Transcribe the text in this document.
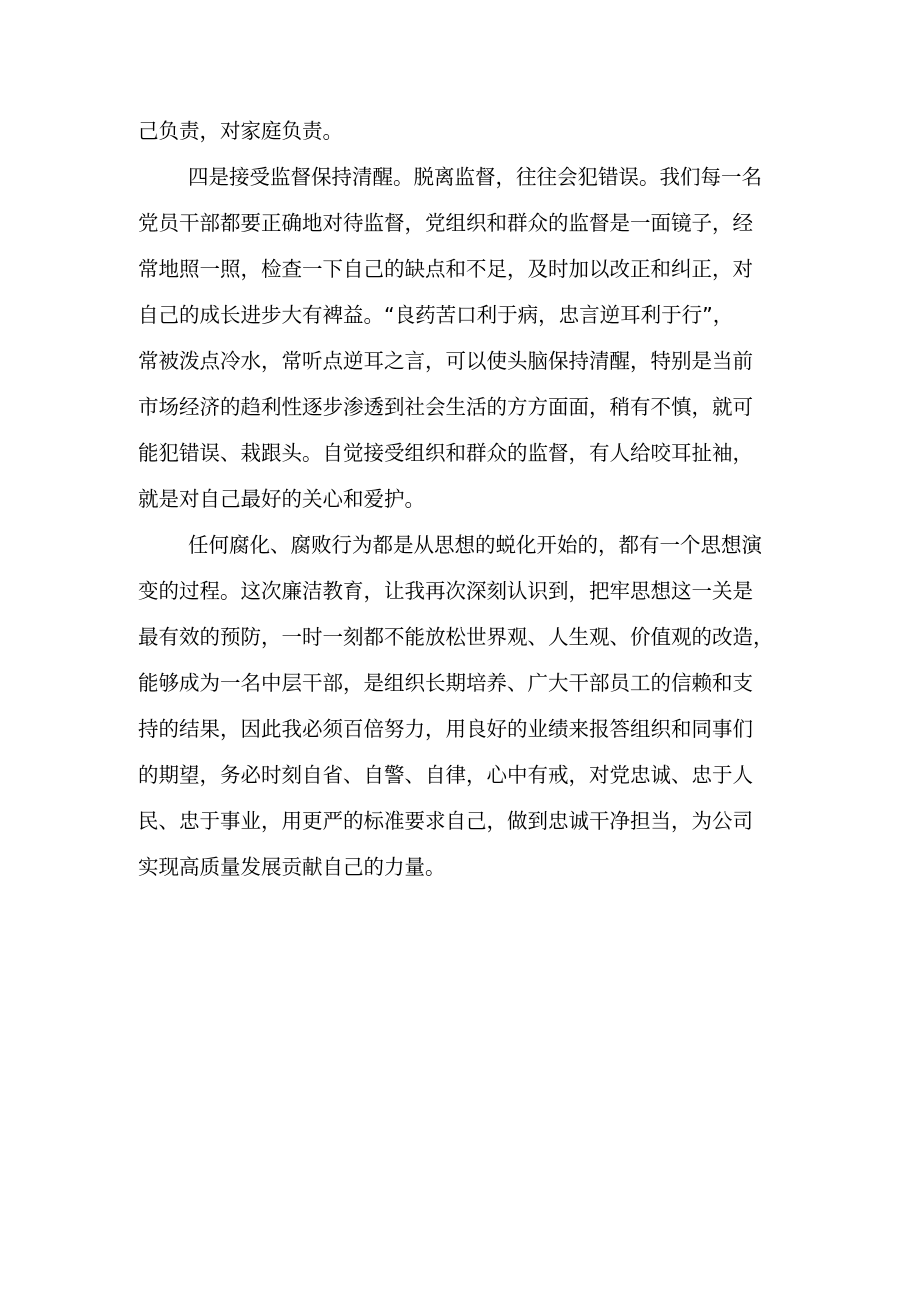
己负责，对家庭负责。
四是接受监督保持清醒。脱离监督，往往会犯错误。我们每一名
党员干部都要正确地对待监督，党组织和群众的监督是一面镜子，经
常地照一照，检查一下自己的缺点和不足，及时加以改正和纠正，对
自己的成长进步大有裨益。“良药苦口利于病，忠言逆耳利于行”，
常被泼点冷水，常听点逆耳之言，可以使头脑保持清醒，特别是当前
市场经济的趋利性逐步渗透到社会生活的方方面面，稍有不慎，就可
能犯错误、栽跟头。自觉接受组织和群众的监督，有人给咬耳扯袖，
就是对自己最好的关心和爱护。
任何腐化、腐败行为都是从思想的蜕化开始的，都有一个思想演
变的过程。这次廉洁教育，让我再次深刻认识到，把牢思想这一关是
最有效的预防，一时一刻都不能放松世界观、人生观、价值观的改造，
能够成为一名中层干部，是组织长期培养、广大干部员工的信赖和支
持的结果，因此我必须百倍努力，用良好的业绩来报答组织和同事们
的期望，务必时刻自省、自警、自律，心中有戒，对党忠诚、忠于人
民、忠于事业，用更严的标准要求自己，做到忠诚干净担当，为公司
实现高质量发展贡献自己的力量。
